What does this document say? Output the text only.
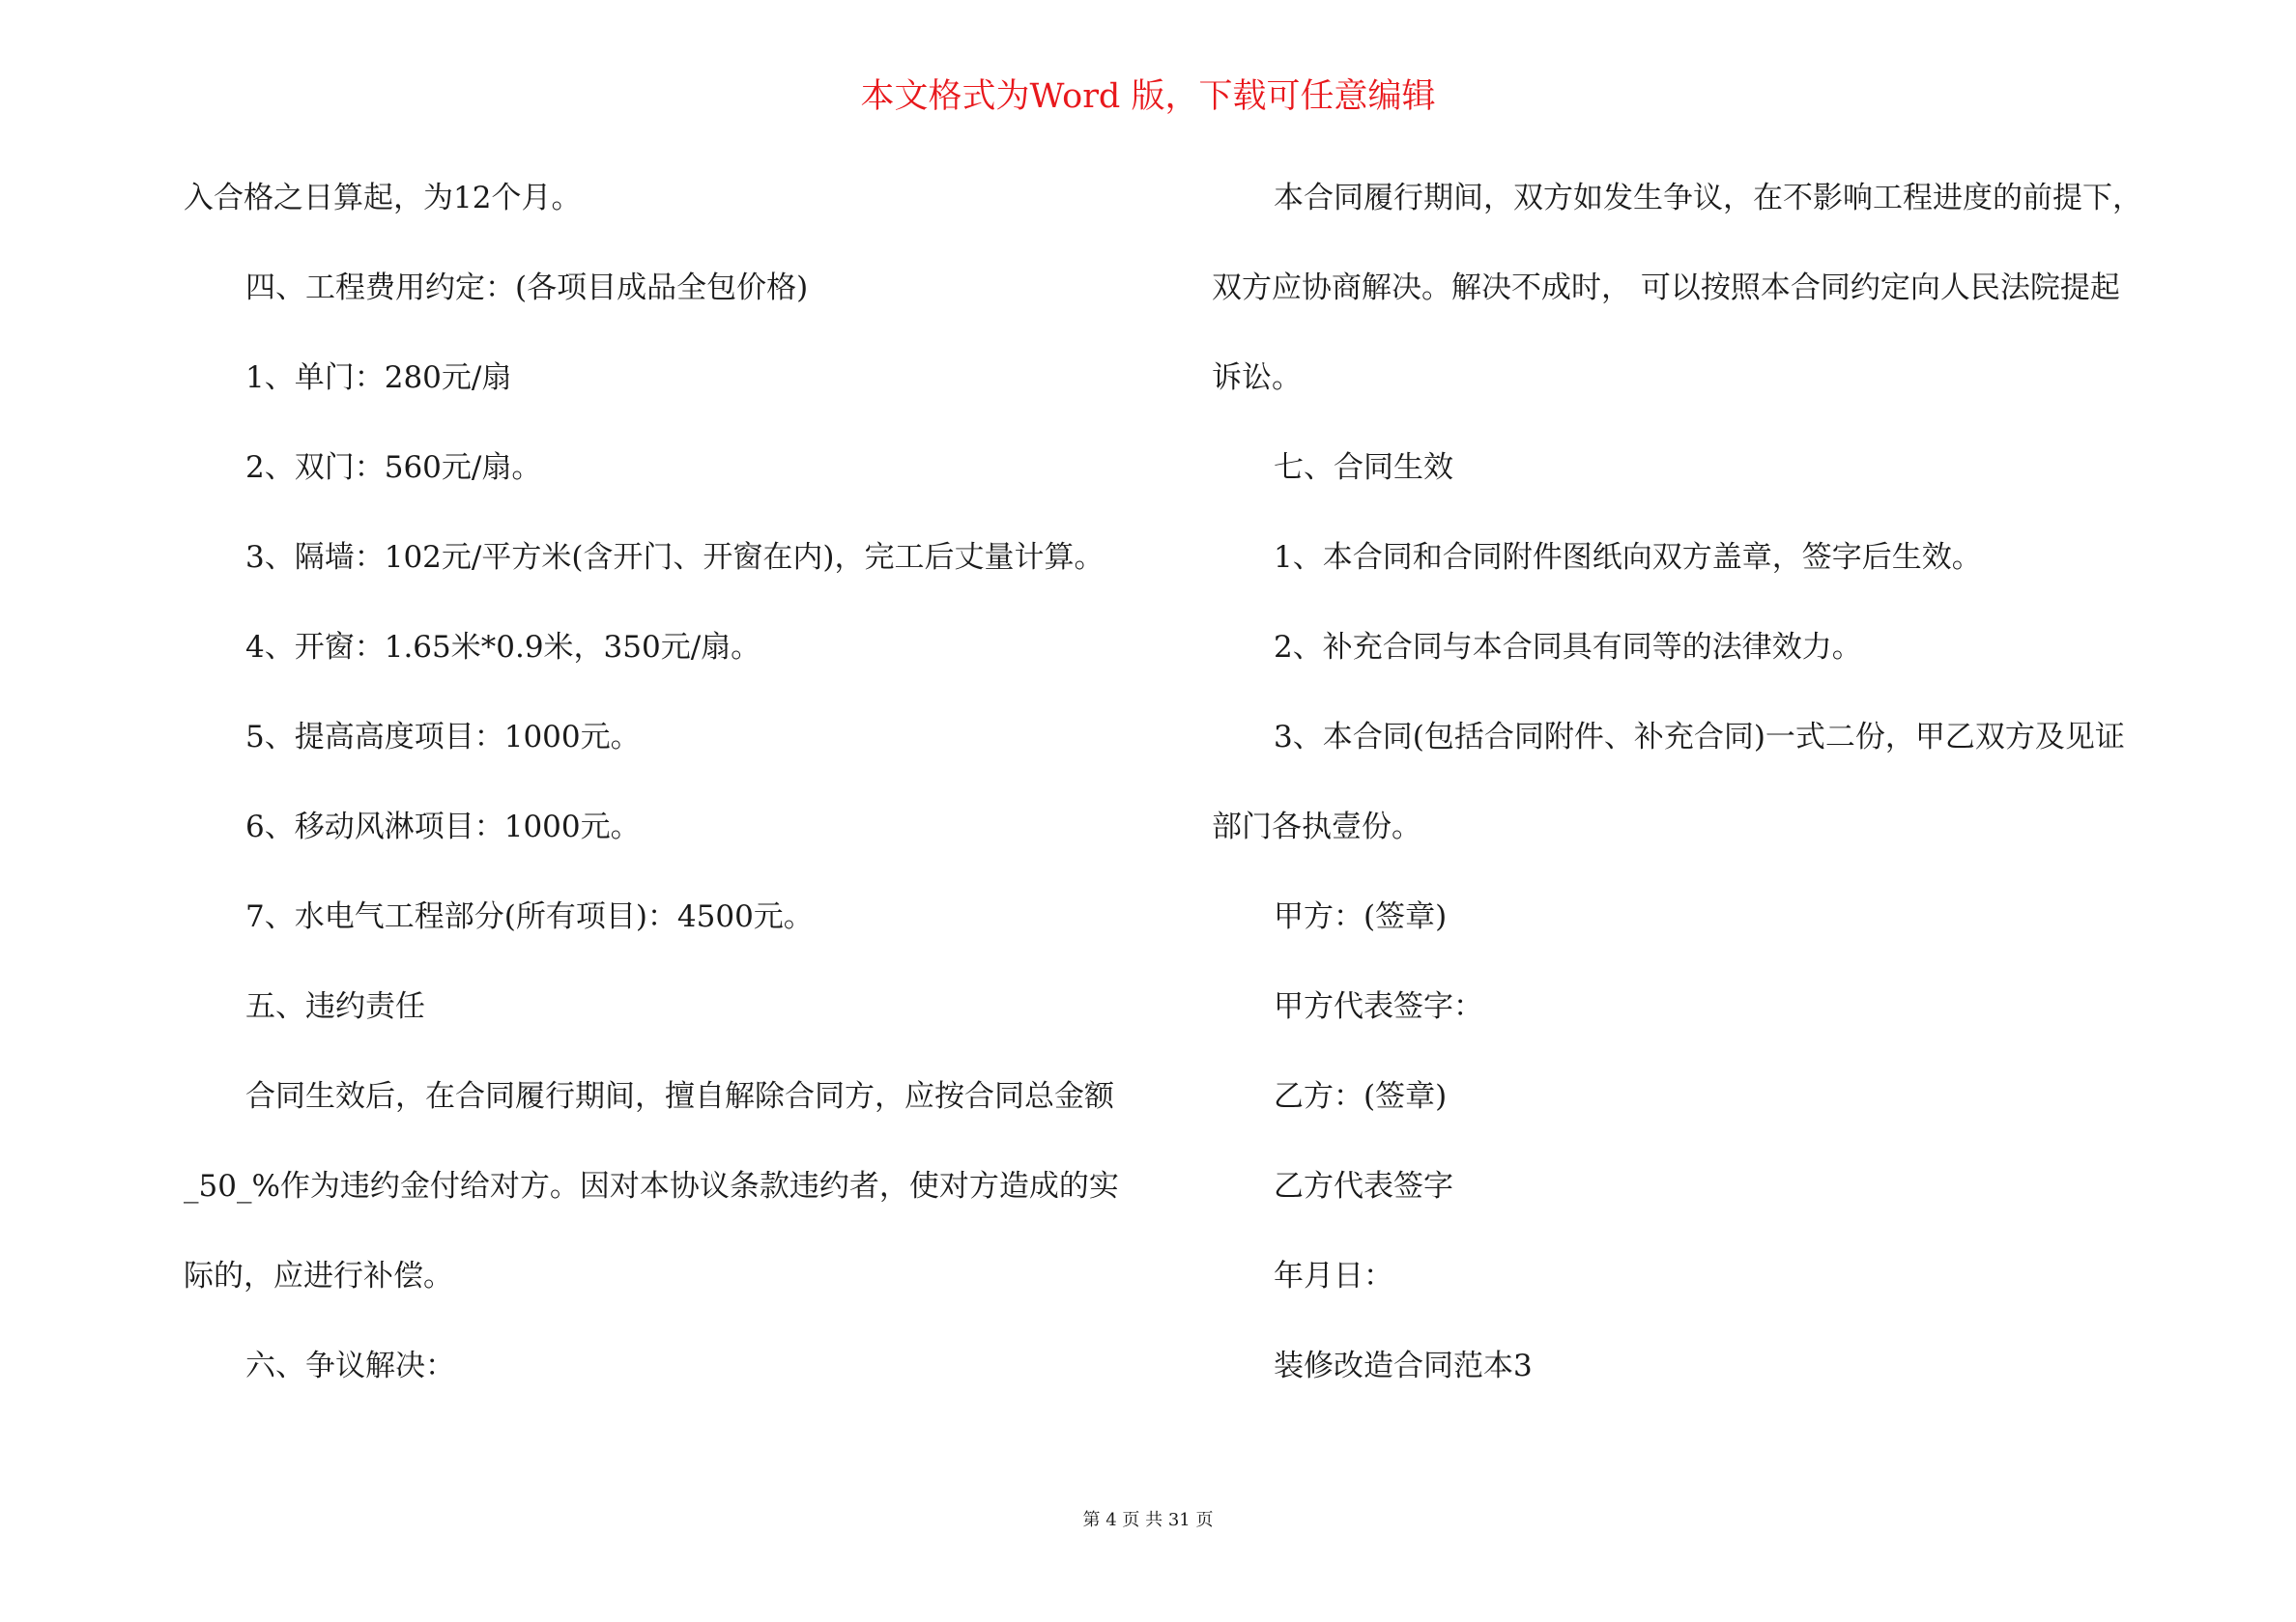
本文格式为Word 版，下载可任意编辑
入合格之日算起，为12个月。
四、工程费用约定：(各项目成品全包价格)
1、单门：280元/扇
2、双门：560元/扇。
3、隔墙：102元/平方米(含开门、开窗在内)，完工后丈量计算。
4、开窗：1.65米*0.9米，350元/扇。
5、提高高度项目：1000元。
6、移动风淋项目：1000元。
7、水电气工程部分(所有项目)：4500元。
五、违约责任
合同生效后，在合同履行期间，擅自解除合同方，应按合同总金额
_50_%作为违约金付给对方。因对本协议条款违约者，使对方造成的实
际的，应进行补偿。
六、争议解决：
本合同履行期间，双方如发生争议，在不影响工程进度的前提下，
双方应协商解决。解决不成时， 可以按照本合同约定向人民法院提起
诉讼。
七、合同生效
1、本合同和合同附件图纸向双方盖章，签字后生效。
2、补充合同与本合同具有同等的法律效力。
3、本合同(包括合同附件、补充合同)一式二份，甲乙双方及见证
部门各执壹份。
甲方：(签章)
甲方代表签字：
乙方：(签章)
乙方代表签字
年月日：
装修改造合同范本3
第 4 页 共 31 页
